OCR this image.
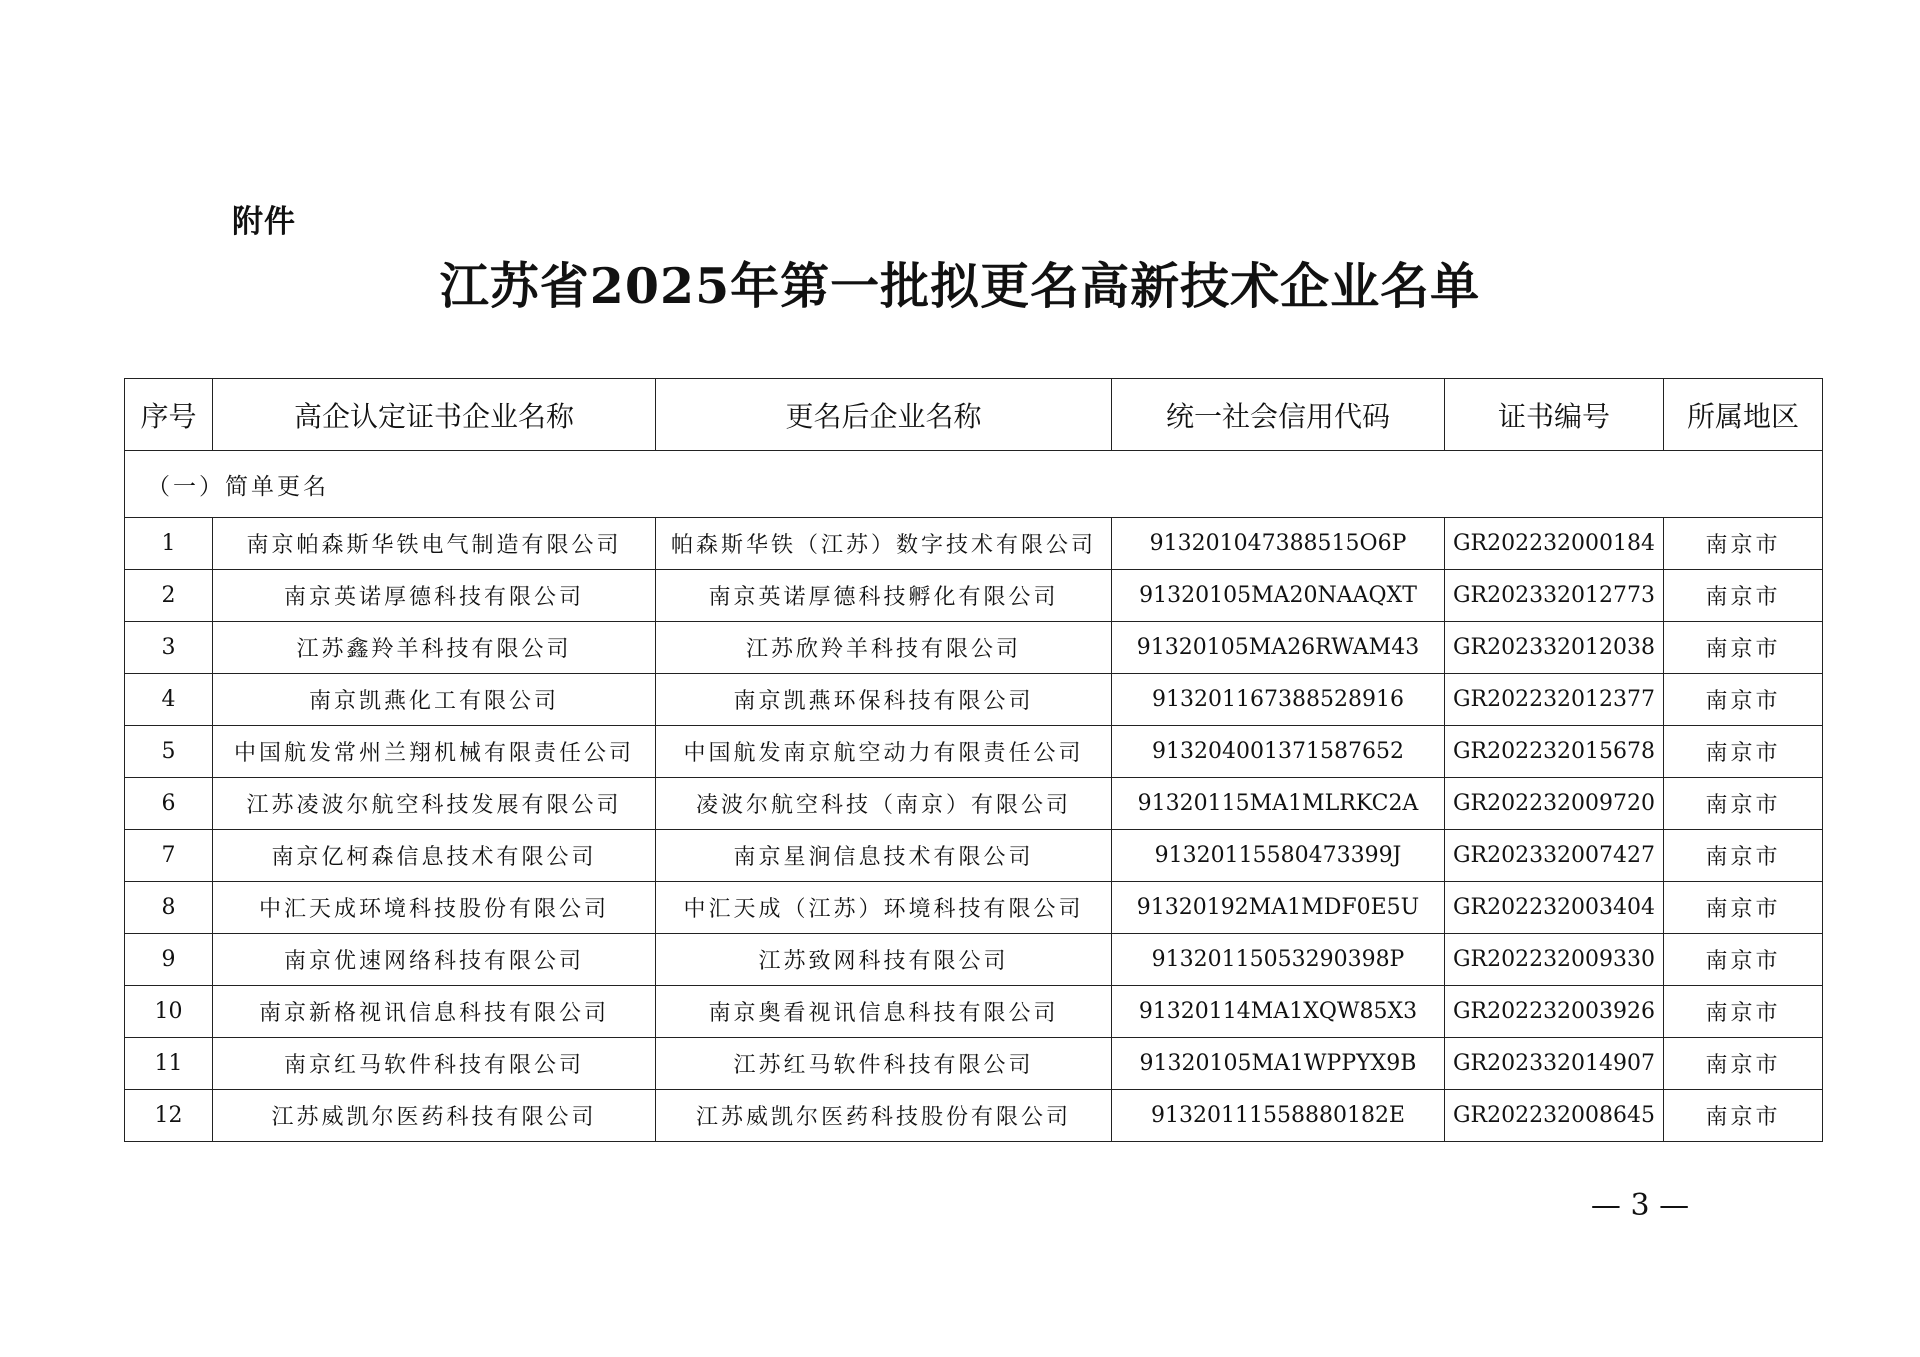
附件
江苏省2025年第一批拟更名高新技术企业名单
序号	高企认定证书企业名称	更名后企业名称	统一社会信用代码	证书编号	所属地区
（一）简单更名					
1	南京帕森斯华铁电气制造有限公司	帕森斯华铁（江苏）数字技术有限公司	913201047388515O6P	GR202232000184	南京市
2	南京英诺厚德科技有限公司	南京英诺厚德科技孵化有限公司	91320105MA20NAAQXT	GR202332012773	南京市
3	江苏鑫羚羊科技有限公司	江苏欣羚羊科技有限公司	91320105MA26RWAM43	GR202332012038	南京市
4	南京凯燕化工有限公司	南京凯燕环保科技有限公司	913201167388528916	GR202232012377	南京市
5	中国航发常州兰翔机械有限责任公司	中国航发南京航空动力有限责任公司	913204001371587652	GR202232015678	南京市
6	江苏凌波尔航空科技发展有限公司	凌波尔航空科技（南京）有限公司	91320115MA1MLRKC2A	GR202232009720	南京市
7	南京亿柯森信息技术有限公司	南京星涧信息技术有限公司	91320115580473399J	GR202332007427	南京市
8	中汇天成环境科技股份有限公司	中汇天成（江苏）环境科技有限公司	91320192MA1MDF0E5U	GR202232003404	南京市
9	南京优速网络科技有限公司	江苏致网科技有限公司	91320115053290398P	GR202232009330	南京市
10	南京新格视讯信息科技有限公司	南京奥看视讯信息科技有限公司	91320114MA1XQW85X3	GR202232003926	南京市
11	南京红马软件科技有限公司	江苏红马软件科技有限公司	91320105MA1WPPYX9B	GR202332014907	南京市
12	江苏威凯尔医药科技有限公司	江苏威凯尔医药科技股份有限公司	91320111558880182E	GR202232008645	南京市
— 3 —
